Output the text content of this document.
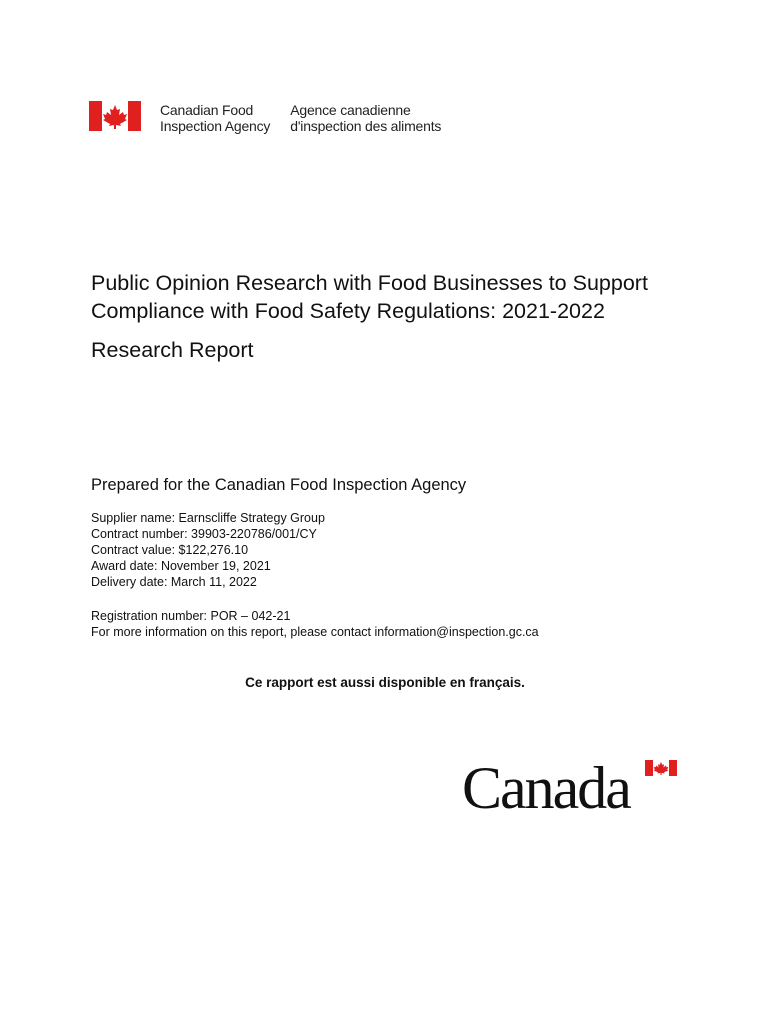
Canadian Food
Inspection Agency
Agence canadienne
d'inspection des aliments
Public Opinion Research with Food Businesses to Support
Compliance with Food Safety Regulations: 2021-2022
Research Report
Prepared for the Canadian Food Inspection Agency
Supplier name: Earnscliffe Strategy Group
Contract number: 39903-220786/001/CY
Contract value: $122,276.10
Award date: November 19, 2021
Delivery date: March 11, 2022
Registration number: POR – 042-21
For more information on this report, please contact information@inspection.gc.ca
Ce rapport est aussi disponible en français.
Canada
